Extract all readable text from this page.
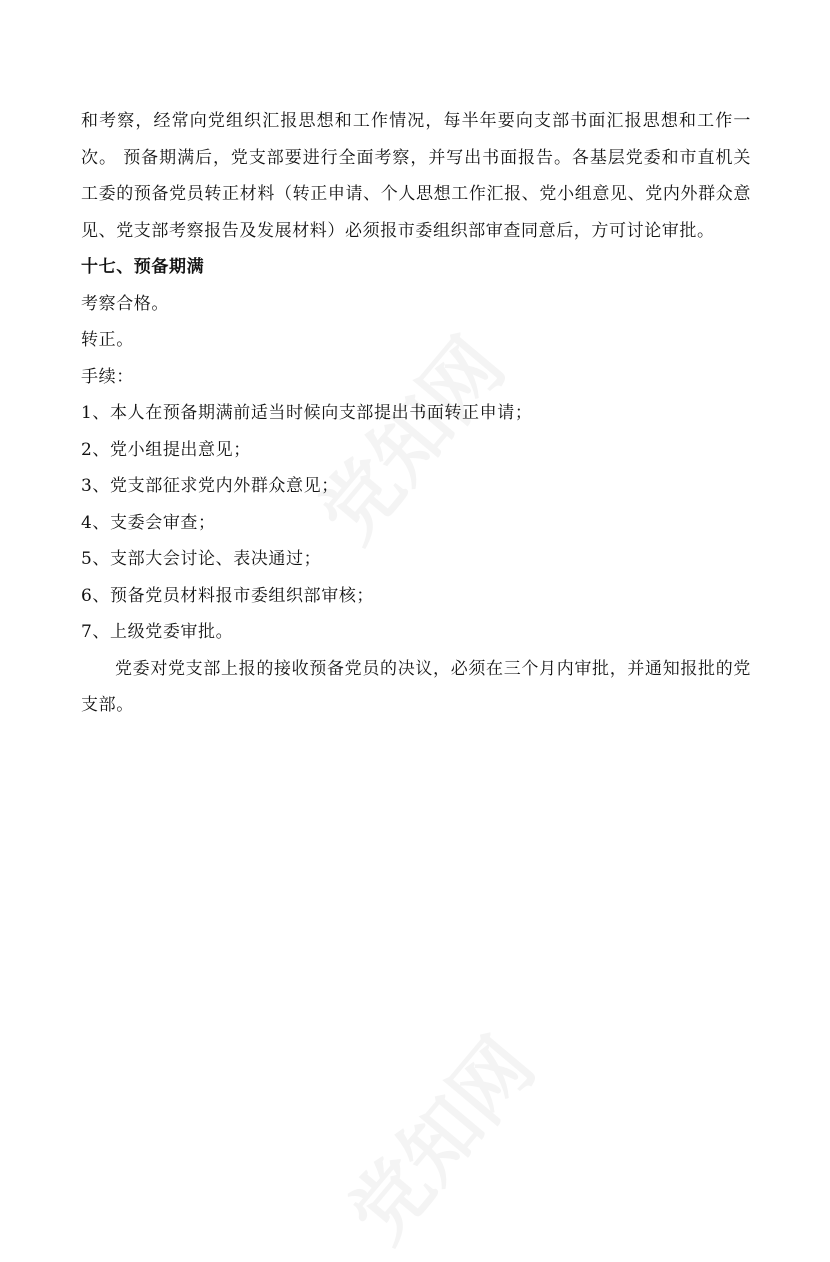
和考察，经常向党组织汇报思想和工作情况，每半年要向支部书面汇报思想和工作一次。 预备期满后，党支部要进行全面考察，并写出书面报告。各基层党委和市直机关工委的预备党员转正材料（转正申请、个人思想工作汇报、党小组意见、党内外群众意见、党支部考察报告及发展材料）必须报市委组织部审查同意后，方可讨论审批。

十七、预备期满

考察合格。

转正。

手续：

1、本人在预备期满前适当时候向支部提出书面转正申请；

2、党小组提出意见；

3、党支部征求党内外群众意见；

4、支委会审查；

5、支部大会讨论、表决通过；

6、预备党员材料报市委组织部审核；

7、上级党委审批。

党委对党支部上报的接收预备党员的决议，必须在三个月内审批，并通知报批的党支部。
